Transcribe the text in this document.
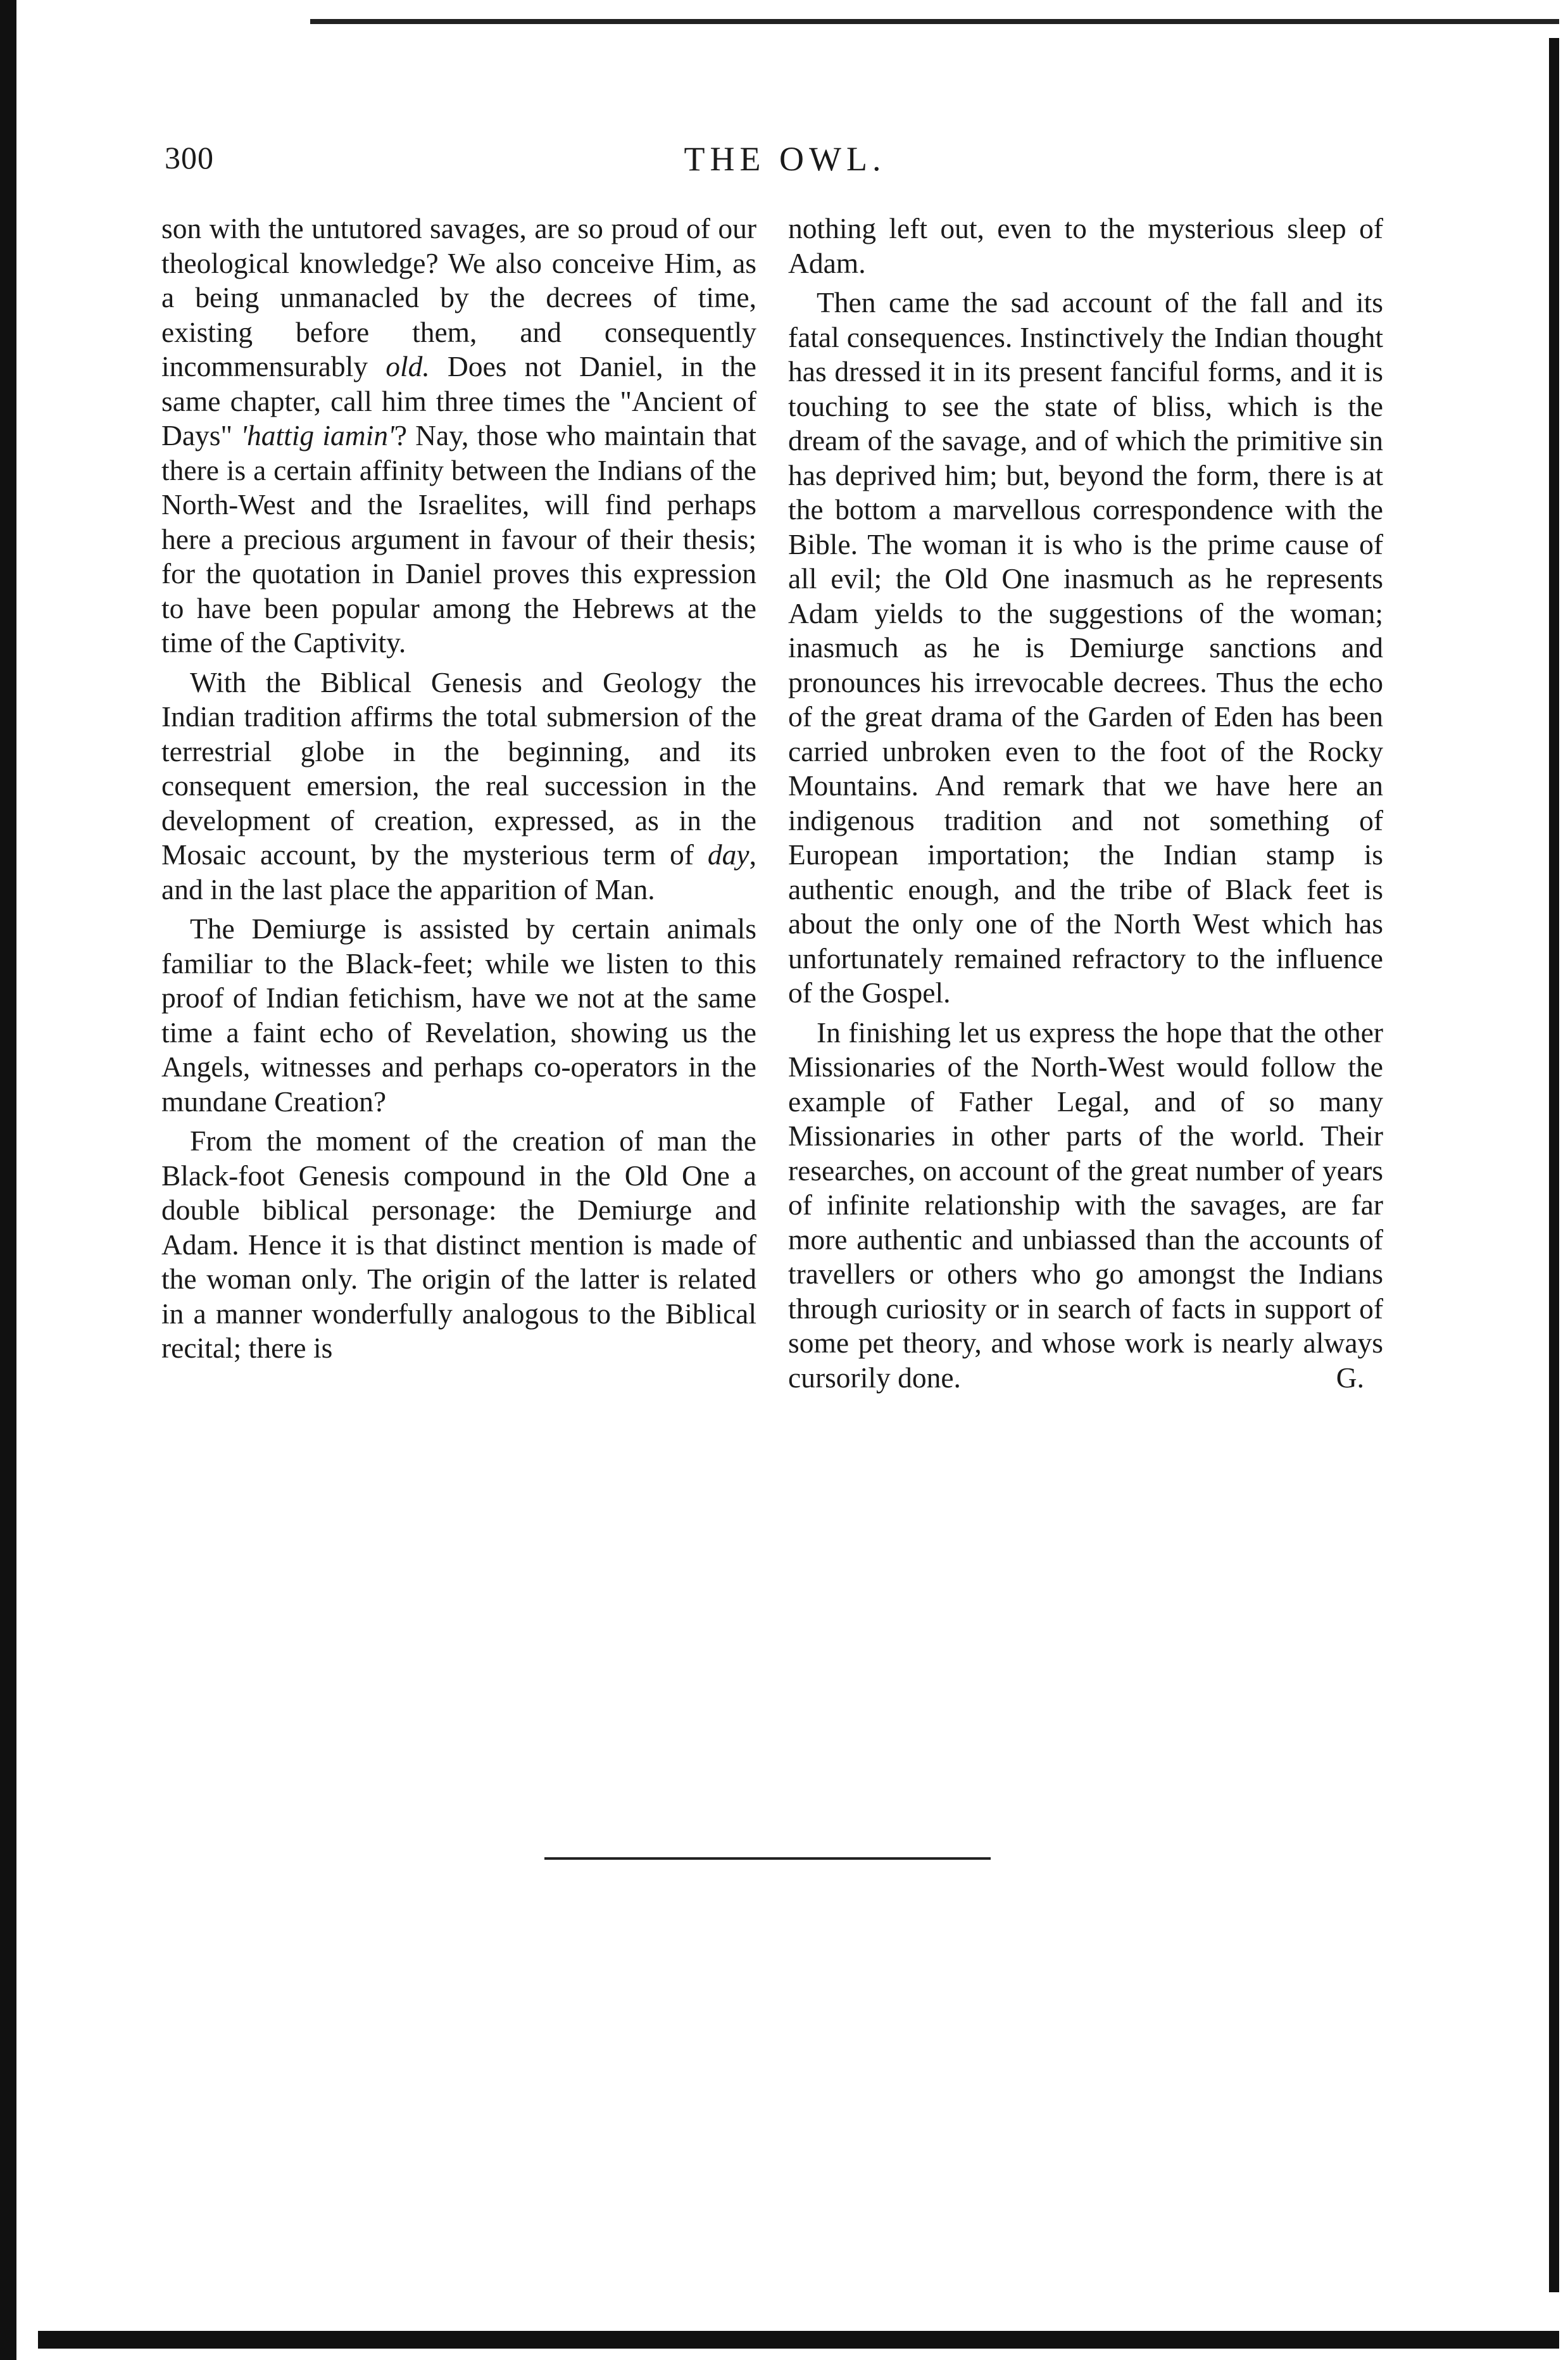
300	THE OWL.

son with the untutored savages, are so proud of our theological knowledge? We also conceive Him, as a being unmanacled by the decrees of time, existing before them, and consequently incommensurably old. Does not Daniel, in the same chapter, call him three times the "Ancient of Days" 'hattig iamin'? Nay, those who maintain that there is a certain affinity between the Indians of the North-West and the Israelites, will find perhaps here a precious argument in favour of their thesis; for the quotation in Daniel proves this expression to have been popular among the Hebrews at the time of the Captivity.

With the Biblical Genesis and Geology the Indian tradition affirms the total submersion of the terrestrial globe in the beginning, and its consequent emersion, the real succession in the development of creation, expressed, as in the Mosaic account, by the mysterious term of day, and in the last place the apparition of Man.

The Demiurge is assisted by certain animals familiar to the Black-feet; while we listen to this proof of Indian fetichism, have we not at the same time a faint echo of Revelation, showing us the Angels, witnesses and perhaps co-operators in the mundane Creation?

From the moment of the creation of man the Black-foot Genesis compound in the Old One a double biblical personage: the Demiurge and Adam. Hence it is that distinct mention is made of the woman only. The origin of the latter is related in a manner wonderfully analogous to the Biblical recital; there is

nothing left out, even to the mysterious sleep of Adam.

Then came the sad account of the fall and its fatal consequences. Instinctively the Indian thought has dressed it in its present fanciful forms, and it is touching to see the state of bliss, which is the dream of the savage, and of which the primitive sin has deprived him; but, beyond the form, there is at the bottom a marvellous correspondence with the Bible. The woman it is who is the prime cause of all evil; the Old One inasmuch as he represents Adam yields to the suggestions of the woman; inasmuch as he is Demiurge sanctions and pronounces his irrevocable decrees. Thus the echo of the great drama of the Garden of Eden has been carried unbroken even to the foot of the Rocky Mountains. And remark that we have here an indigenous tradition and not something of European importation; the Indian stamp is authentic enough, and the tribe of Black feet is about the only one of the North West which has unfortunately remained refractory to the influence of the Gospel.

In finishing let us express the hope that the other Missionaries of the North-West would follow the example of Father Legal, and of so many Missionaries in other parts of the world. Their researches, on account of the great number of years of infinite relationship with the savages, are far more authentic and unbiassed than the accounts of travellers or others who go amongst the Indians through curiosity or in search of facts in support of some pet theory, and whose work is nearly always cursorily done.	G.
